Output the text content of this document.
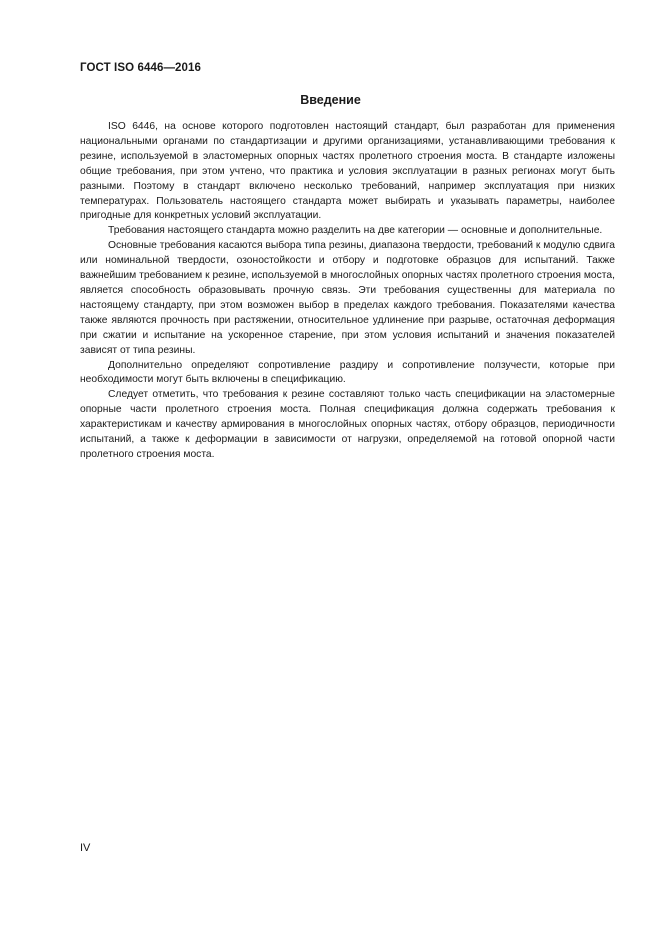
ГОСТ ISO 6446—2016
Введение

ISO 6446, на основе которого подготовлен настоящий стандарт, был разработан для применения национальными органами по стандартизации и другими организациями, устанавливающими требования к резине, используемой в эластомерных опорных частях пролетного строения моста. В стандарте изложены общие требования, при этом учтено, что практика и условия эксплуатации в разных регионах могут быть разными. Поэтому в стандарт включено несколько требований, например эксплуатация при низких температурах. Пользователь настоящего стандарта может выбирать и указывать параметры, наиболее пригодные для конкретных условий эксплуатации.

Требования настоящего стандарта можно разделить на две категории — основные и дополнительные.

Основные требования касаются выбора типа резины, диапазона твердости, требований к модулю сдвига или номинальной твердости, озоностойкости и отбору и подготовке образцов для испытаний. Также важнейшим требованием к резине, используемой в многослойных опорных частях пролетного строения моста, является способность образовывать прочную связь. Эти требования существенны для материала по настоящему стандарту, при этом возможен выбор в пределах каждого требования. Показателями качества также являются прочность при растяжении, относительное удлинение при разрыве, остаточная деформация при сжатии и испытание на ускоренное старение, при этом условия испытаний и значения показателей зависят от типа резины.

Дополнительно определяют сопротивление раздиру и сопротивление ползучести, которые при необходимости могут быть включены в спецификацию.

Следует отметить, что требования к резине составляют только часть спецификации на эластомерные опорные части пролетного строения моста. Полная спецификация должна содержать требования к характеристикам и качеству армирования в многослойных опорных частях, отбору образцов, периодичности испытаний, а также к деформации в зависимости от нагрузки, определяемой на готовой опорной части пролетного строения моста.

IV
